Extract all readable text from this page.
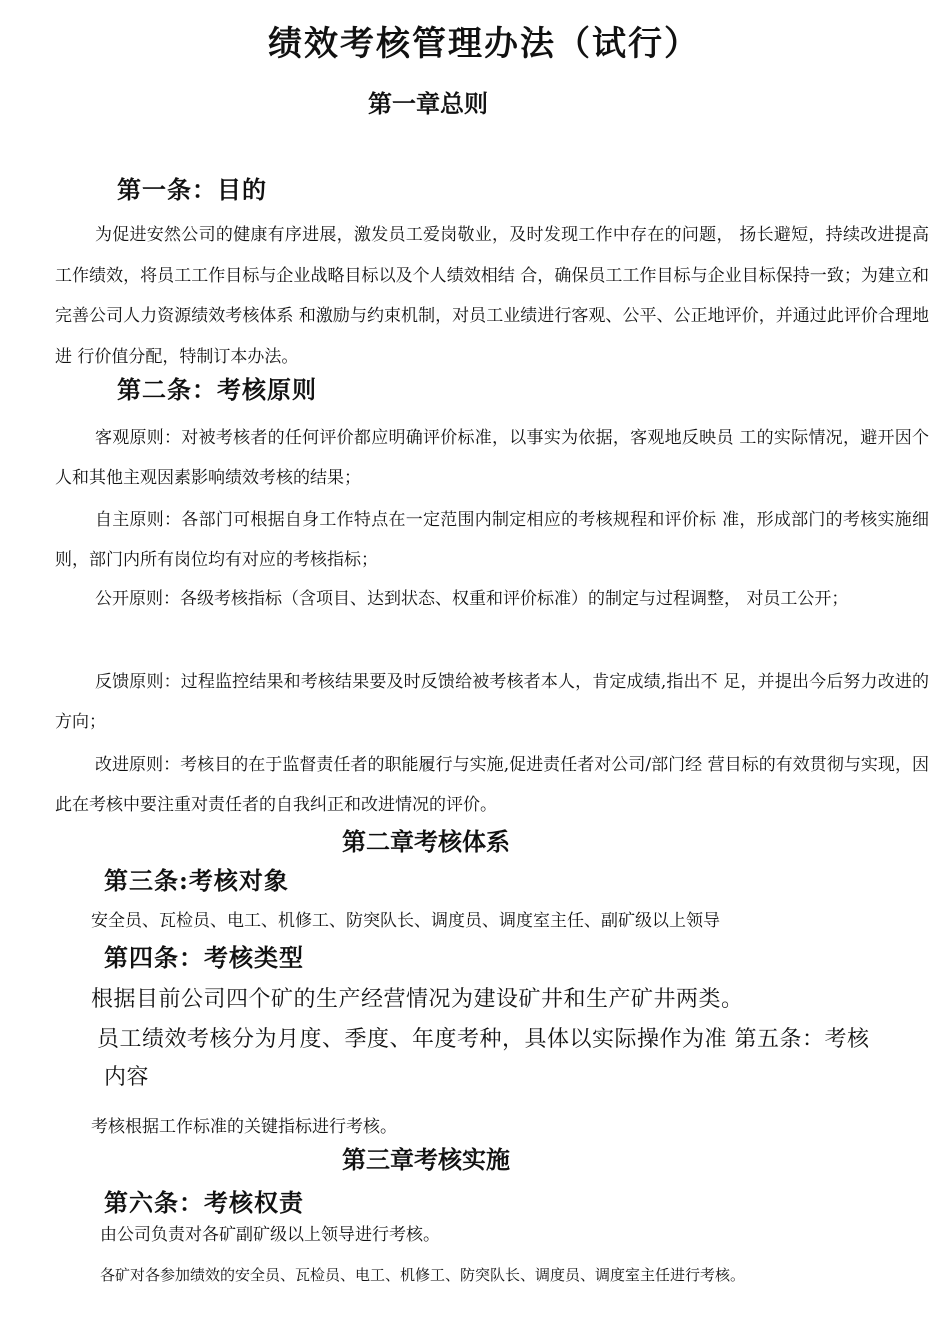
绩效考核管理办法（试行）
第一章总则
第一条：目的

为促进安然公司的健康有序进展，激发员工爱岗敬业，及时发现工作中存在的问题， 扬长避短，持续改进提高工作绩效，将员工工作目标与企业战略目标以及个人绩效相结 合，确保员工工作目标与企业目标保持一致；为建立和完善公司人力资源绩效考核体系 和激励与约束机制，对员工业绩进行客观、公平、公正地评价，并通过此评价合理地进 行价值分配，特制订本办法。

第二条：考核原则

客观原则：对被考核者的任何评价都应明确评价标准，以事实为依据，客观地反映员 工的实际情况，避开因个人和其他主观因素影响绩效考核的结果；

自主原则：各部门可根据自身工作特点在一定范围内制定相应的考核规程和评价标 准，形成部门的考核实施细则，部门内所有岗位均有对应的考核指标；

公开原则：各级考核指标（含项目、达到状态、权重和评价标准）的制定与过程调整， 对员工公开；

反馈原则：过程监控结果和考核结果要及时反馈给被考核者本人，肯定成绩,指出不 足，并提出今后努力改进的方向；

改进原则：考核目的在于监督责任者的职能履行与实施,促进责任者对公司/部门经 营目标的有效贯彻与实现，因此在考核中要注重对责任者的自我纠正和改进情况的评价。

第二章考核体系
第三条:考核对象

安全员、瓦检员、电工、机修工、防突队长、调度员、调度室主任、副矿级以上领导

第四条：考核类型

根据目前公司四个矿的生产经营情况为建设矿井和生产矿井两类。

员工绩效考核分为月度、季度、年度考种，具体以实际操作为准 第五条：考核

内容

考核根据工作标准的关键指标进行考核。

第三章考核实施
第六条：考核权责

由公司负责对各矿副矿级以上领导进行考核。

各矿对各参加绩效的安全员、瓦检员、电工、机修工、防突队长、调度员、调度室主任进行考核。
